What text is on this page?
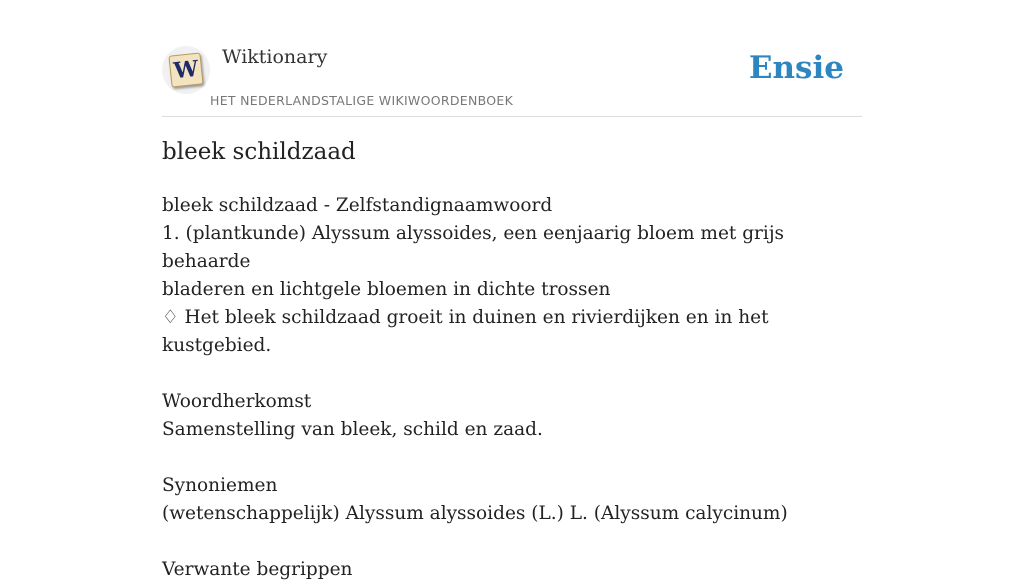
W Wiktionary
HET NEDERLANDSTALIGE WIKIWOORDENBOEK
Ensie
bleek schildzaad
bleek schildzaad - Zelfstandignaamwoord
1. (plantkunde) Alyssum alyssoides, een eenjaarig bloem met grijs behaarde
bladeren en lichtgele bloemen in dichte trossen
♢ Het bleek schildzaad groeit in duinen en rivierdijken en in het kustgebied.
Woordherkomst
Samenstelling van bleek, schild en zaad.
Synoniemen
(wetenschappelijk) Alyssum alyssoides (L.) L. (Alyssum calycinum)
Verwante begrippen
